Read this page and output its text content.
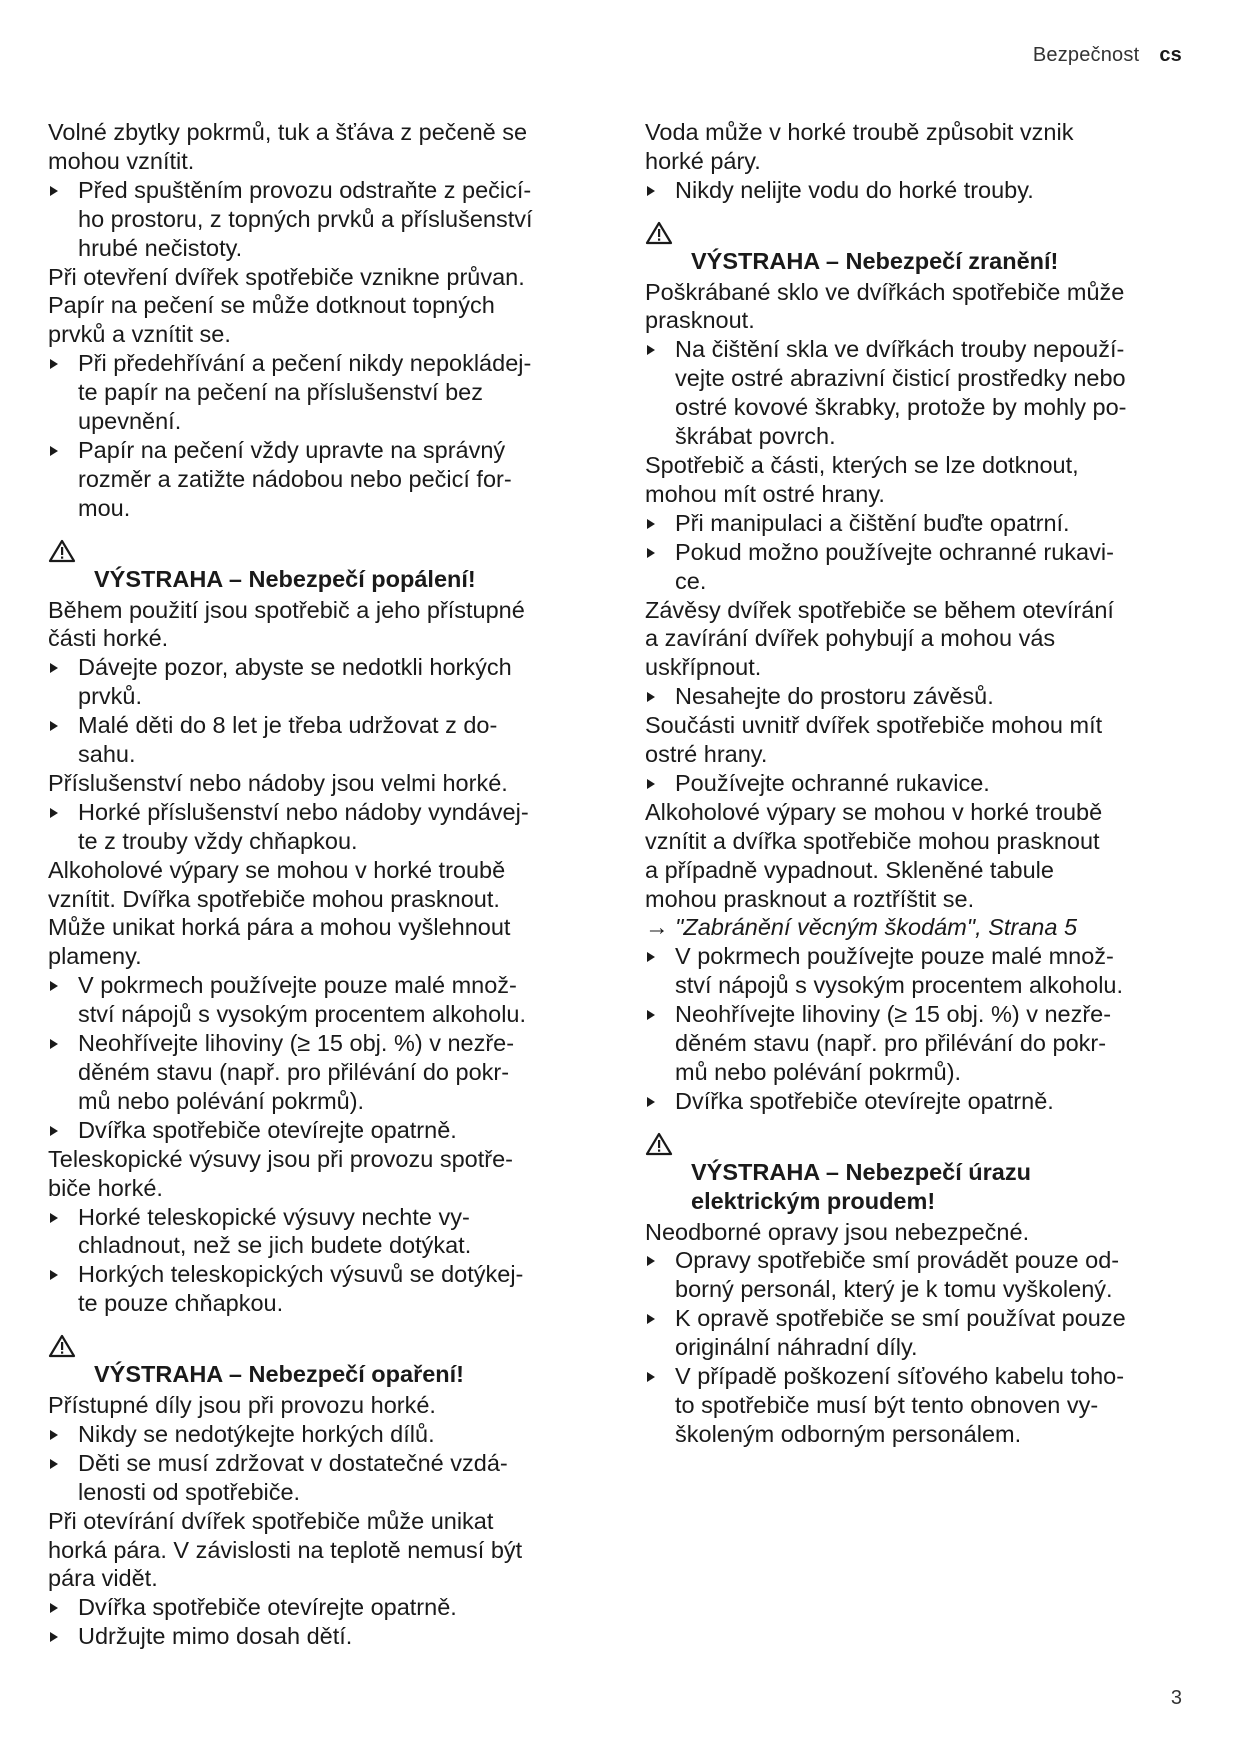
Bezpečnost cs

Volné zbytky pokrmů, tuk a šťáva z pečeně se
mohou vznítit.

Před spuštěním provozu odstraňte z pečicí-
ho prostoru, z topných prvků a příslušenství
hrubé nečistoty.

Při otevření dvířek spotřebiče vznikne průvan.
Papír na pečení se může dotknout topných
prvků a vznítit se.

Při předehřívání a pečení nikdy nepokládej-
te papír na pečení na příslušenství bez
upevnění.

Papír na pečení vždy upravte na správný
rozměr a zatižte nádobou nebo pečicí for-
mou.

VÝSTRAHA – Nebezpečí popálení!

Během použití jsou spotřebič a jeho přístupné
části horké.

Dávejte pozor, abyste se nedotkli horkých
prvků.

Malé děti do 8 let je třeba udržovat z do-
sahu.

Příslušenství nebo nádoby jsou velmi horké.

Horké příslušenství nebo nádoby vyndávej-
te z trouby vždy chňapkou.

Alkoholové výpary se mohou v horké troubě
vznítit. Dvířka spotřebiče mohou prasknout.
Může unikat horká pára a mohou vyšlehnout
plameny.

V pokrmech používejte pouze malé množ-
ství nápojů s vysokým procentem alkoholu.

Neohřívejte lihoviny (≥ 15 obj. %) v nezře-
děném stavu (např. pro přilévání do pokr-
mů nebo polévání pokrmů).

Dvířka spotřebiče otevírejte opatrně.

Teleskopické výsuvy jsou při provozu spotře-
biče horké.

Horké teleskopické výsuvy nechte vy-
chladnout, než se jich budete dotýkat.

Horkých teleskopických výsuvů se dotýkej-
te pouze chňapkou.

VÝSTRAHA – Nebezpečí opaření!

Přístupné díly jsou při provozu horké.

Nikdy se nedotýkejte horkých dílů.

Děti se musí zdržovat v dostatečné vzdá-
lenosti od spotřebiče.

Při otevírání dvířek spotřebiče může unikat
horká pára. V závislosti na teplotě nemusí být
pára vidět.

Dvířka spotřebiče otevírejte opatrně.

Udržujte mimo dosah dětí.

Voda může v horké troubě způsobit vznik
horké páry.

Nikdy nelijte vodu do horké trouby.

VÝSTRAHA – Nebezpečí zranění!

Poškrábané sklo ve dvířkách spotřebiče může
prasknout.

Na čištění skla ve dvířkách trouby nepouží-
vejte ostré abrazivní čisticí prostředky nebo
ostré kovové škrabky, protože by mohly po-
škrábat povrch.

Spotřebič a části, kterých se lze dotknout,
mohou mít ostré hrany.

Při manipulaci a čištění buďte opatrní.

Pokud možno používejte ochranné rukavi-
ce.

Závěsy dvířek spotřebiče se během otevírání
a zavírání dvířek pohybují a mohou vás
uskřípnout.

Nesahejte do prostoru závěsů.

Součásti uvnitř dvířek spotřebiče mohou mít
ostré hrany.

Používejte ochranné rukavice.

Alkoholové výpary se mohou v horké troubě
vznítit a dvířka spotřebiče mohou prasknout
a případně vypadnout. Skleněné tabule
mohou prasknout a roztříštit se.

→ "Zabránění věcným škodám", Strana 5

V pokrmech používejte pouze malé množ-
ství nápojů s vysokým procentem alkoholu.

Neohřívejte lihoviny (≥ 15 obj. %) v nezře-
děném stavu (např. pro přilévání do pokr-
mů nebo polévání pokrmů).

Dvířka spotřebiče otevírejte opatrně.

VÝSTRAHA – Nebezpečí úrazu
elektrickým proudem!

Neodborné opravy jsou nebezpečné.

Opravy spotřebiče smí provádět pouze od-
borný personál, který je k tomu vyškolený.

K opravě spotřebiče se smí používat pouze
originální náhradní díly.

V případě poškození síťového kabelu toho-
to spotřebiče musí být tento obnoven vy-
školeným odborným personálem.

3
